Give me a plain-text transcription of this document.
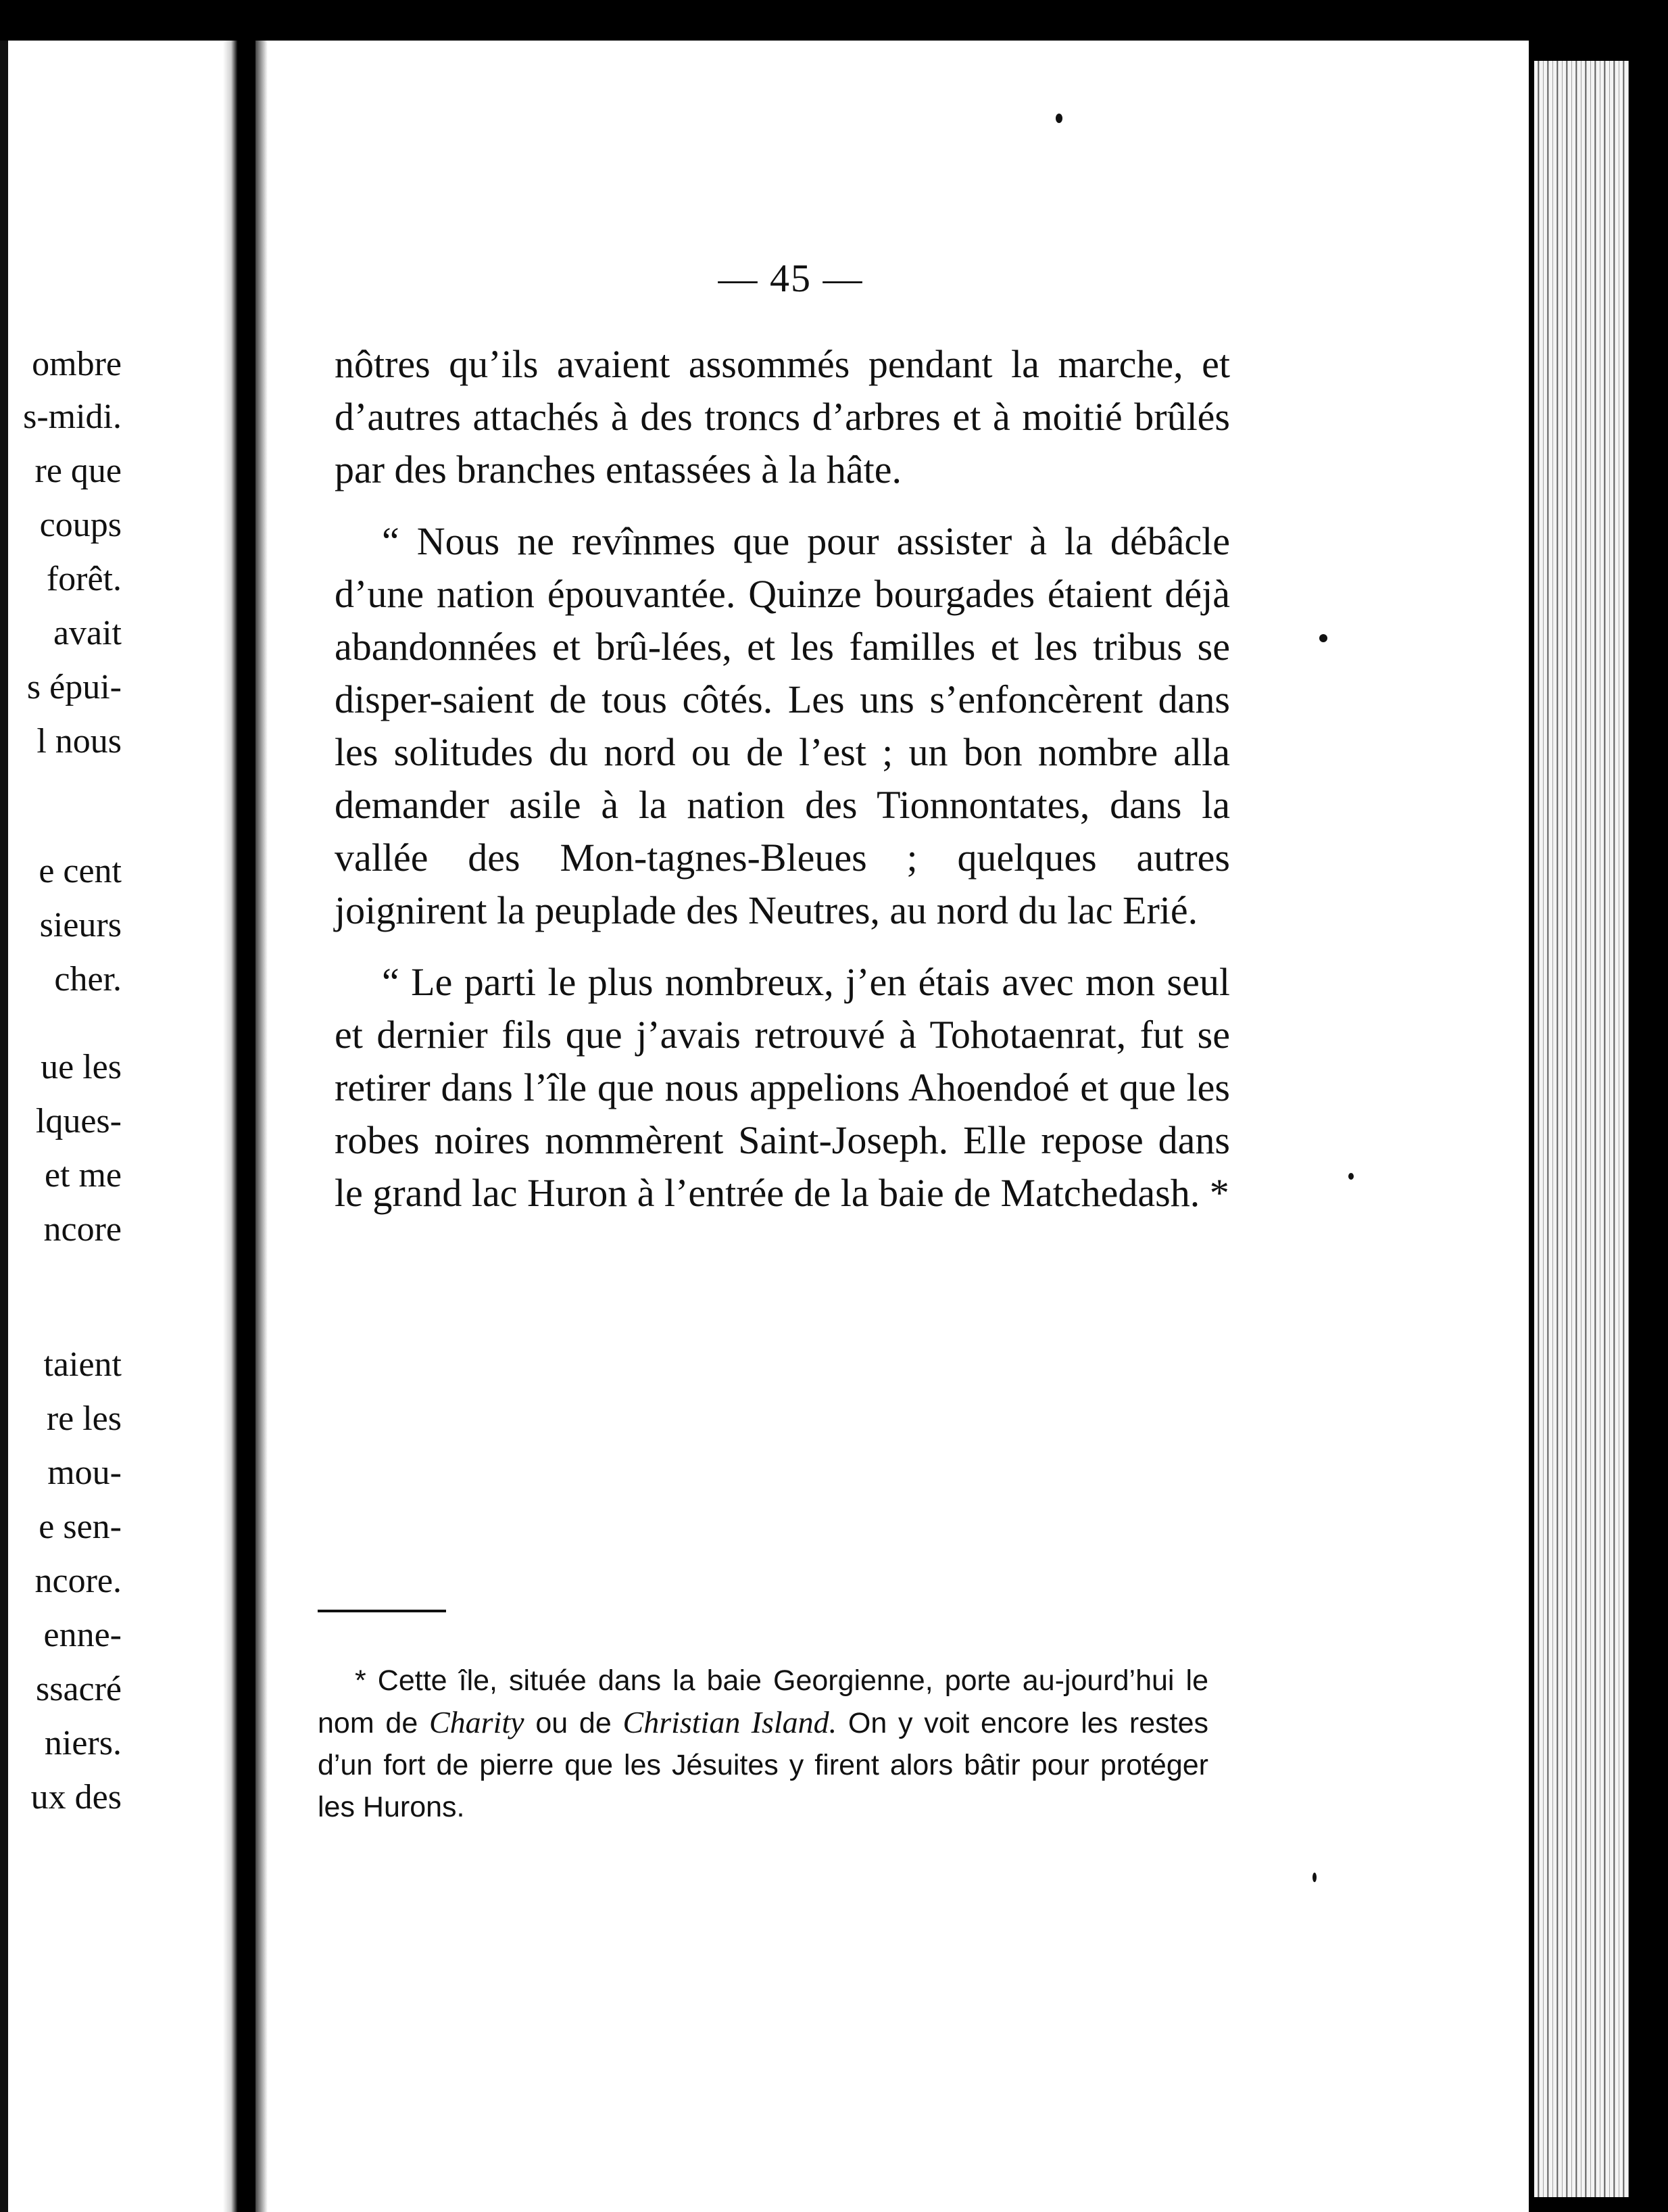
ombre
s-midi.
re que
coups
forêt.
avait
s épui-
l nous
e cent
sieurs
cher.
ue les
lques-
et me
ncore
taient
re les
mou-
e sen-
ncore.
enne-
ssacré
niers.
ux des
— 45 —

nôtres qu’ils avaient assommés pendant la marche, et d’autres attachés à des troncs d’arbres et à moitié brûlés par des branches entassées à la hâte.

“ Nous ne revînmes que pour assister à la débâcle d’une nation épouvantée. Quinze bourgades étaient déjà abandonnées et brû-lées, et les familles et les tribus se disper-saient de tous côtés. Les uns s’enfoncèrent dans les solitudes du nord ou de l’est ; un bon nombre alla demander asile à la nation des Tionnontates, dans la vallée des Mon-tagnes-Bleues ; quelques autres joignirent la peuplade des Neutres, au nord du lac Erié.

“ Le parti le plus nombreux, j’en étais avec mon seul et dernier fils que j’avais retrouvé à Tohotaenrat, fut se retirer dans l’île que nous appelions Ahoendoé et que les robes noires nommèrent Saint-Joseph. Elle repose dans le grand lac Huron à l’entrée de la baie de Matchedash. *

* Cette île, située dans la baie Georgienne, porte au-jourd’hui le nom de Charity ou de Christian Island. On y voit encore les restes d’un fort de pierre que les Jésuites y firent alors bâtir pour protéger les Hurons.
